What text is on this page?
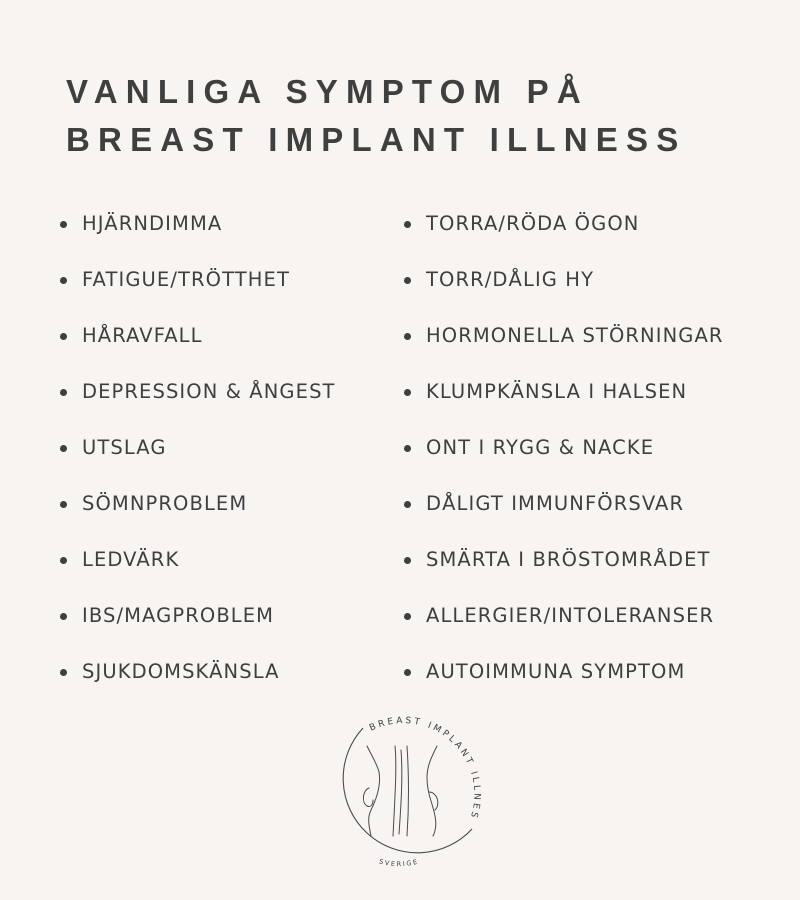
VANLIGA SYMPTOM PÅ
BREAST IMPLANT ILLNESS
HJÄRNDIMMA
FATIGUE/TRÖTTHET
HÅRAVFALL
DEPRESSION & ÅNGEST
UTSLAG
SÖMNPROBLEM
LEDVÄRK
IBS/MAGPROBLEM
SJUKDOMSKÄNSLA
TORRA/RÖDA ÖGON
TORR/DÅLIG HY
HORMONELLA STÖRNINGAR
KLUMPKÄNSLA I HALSEN
ONT I RYGG & NACKE
DÅLIGT IMMUNFÖRSVAR
SMÄRTA I BRÖSTOMRÅDET
ALLERGIER/INTOLERANSER
AUTOIMMUNA SYMPTOM
BREAST IMPLANT ILLNES
SVERIGE
